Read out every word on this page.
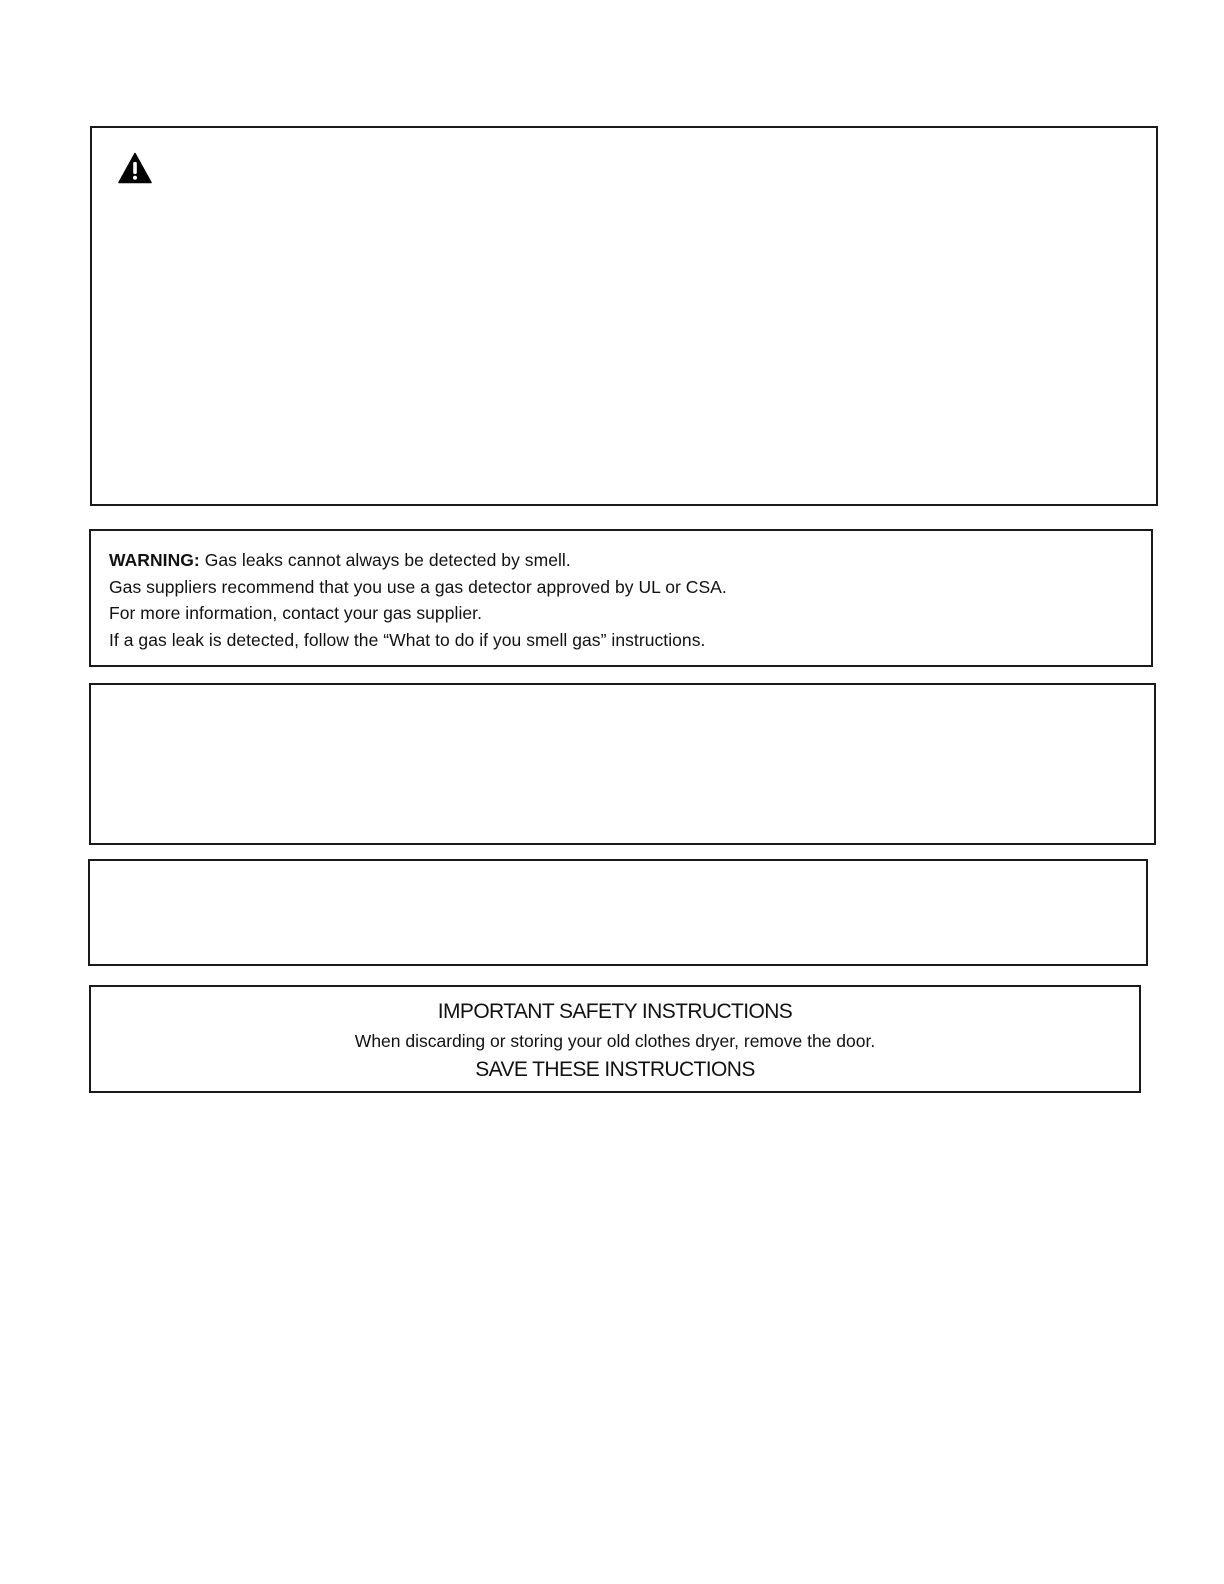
WARNING: Gas leaks cannot always be detected by smell.
Gas suppliers recommend that you use a gas detector approved by UL or CSA.
For more information, contact your gas supplier.
If a gas leak is detected, follow the “What to do if you smell gas” instructions.
IMPORTANT SAFETY INSTRUCTIONS
When discarding or storing your old clothes dryer, remove the door.
SAVE THESE INSTRUCTIONS
